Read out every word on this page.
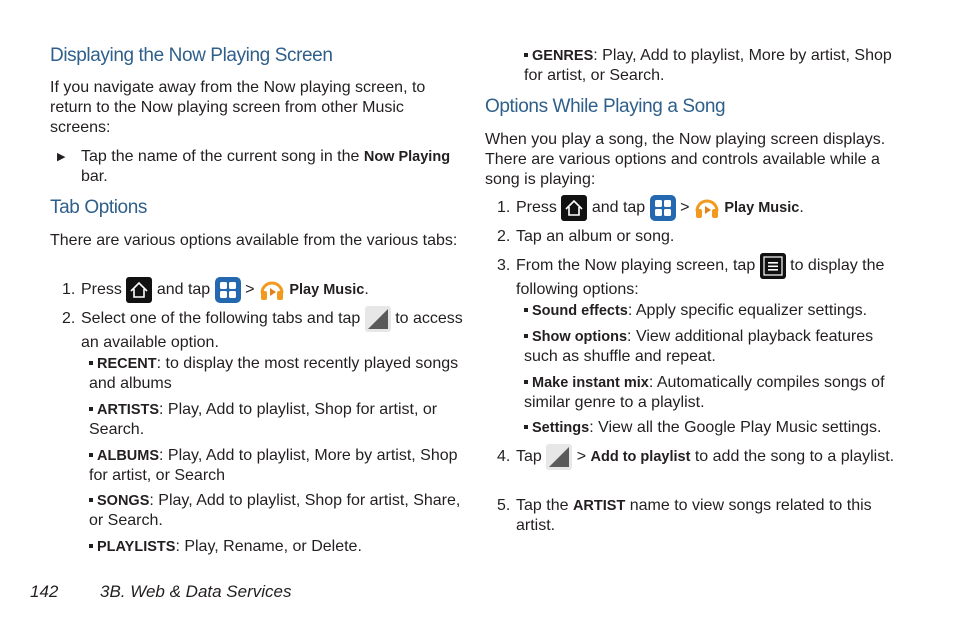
Displaying the Now Playing Screen
If you navigate away from the Now playing screen, to return to the Now playing screen from other Music screens:
▶ Tap the name of the current song in the Now Playing bar.
Tab Options
There are various options available from the various tabs:
1. Press and tap > Play Music.
2. Select one of the following tabs and tap to access an available option.
RECENT: to display the most recently played songs and albums
ARTISTS: Play, Add to playlist, Shop for artist, or Search.
ALBUMS: Play, Add to playlist, More by artist, Shop for artist, or Search
SONGS: Play, Add to playlist, Shop for artist, Share, or Search.
PLAYLISTS: Play, Rename, or Delete.
GENRES: Play, Add to playlist, More by artist, Shop for artist, or Search.
Options While Playing a Song
When you play a song, the Now playing screen displays. There are various options and controls available while a song is playing:
1. Press and tap > Play Music.
2. Tap an album or song.
3. From the Now playing screen, tap to display the following options:
Sound effects: Apply specific equalizer settings.
Show options: View additional playback features such as shuffle and repeat.
Make instant mix: Automatically compiles songs of similar genre to a playlist.
Settings: View all the Google Play Music settings.
4. Tap > Add to playlist to add the song to a playlist.
5. Tap the ARTIST name to view songs related to this artist.
142 3B. Web & Data Services
